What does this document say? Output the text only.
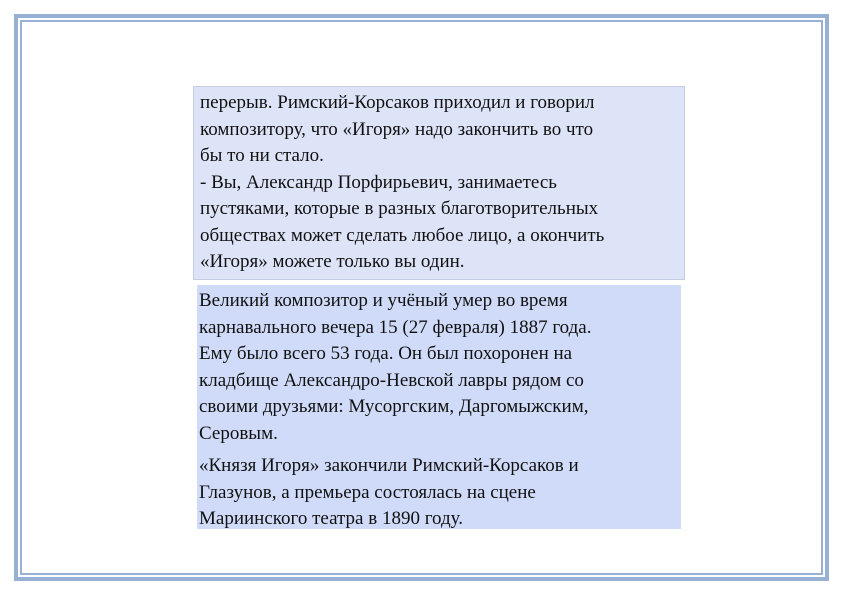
перерыв. Римский-Корсаков приходил и говорил
композитору, что «Игоря» надо закончить во что
бы то ни стало.

- Вы, Александр Порфирьевич, занимаетесь
пустяками, которые в разных благотворительных
обществах может сделать любое лицо, а окончить
«Игоря» можете только вы один.

Великий композитор и учёный умер во время
карнавального вечера 15 (27 февраля) 1887 года.
Ему было всего 53 года. Он был похоронен на
кладбище Александро-Невской лавры рядом со
своими друзьями: Мусоргским, Даргомыжским,
Серовым.

«Князя Игоря» закончили Римский-Корсаков и
Глазунов, а премьера состоялась на сцене
Мариинского театра в 1890 году.
